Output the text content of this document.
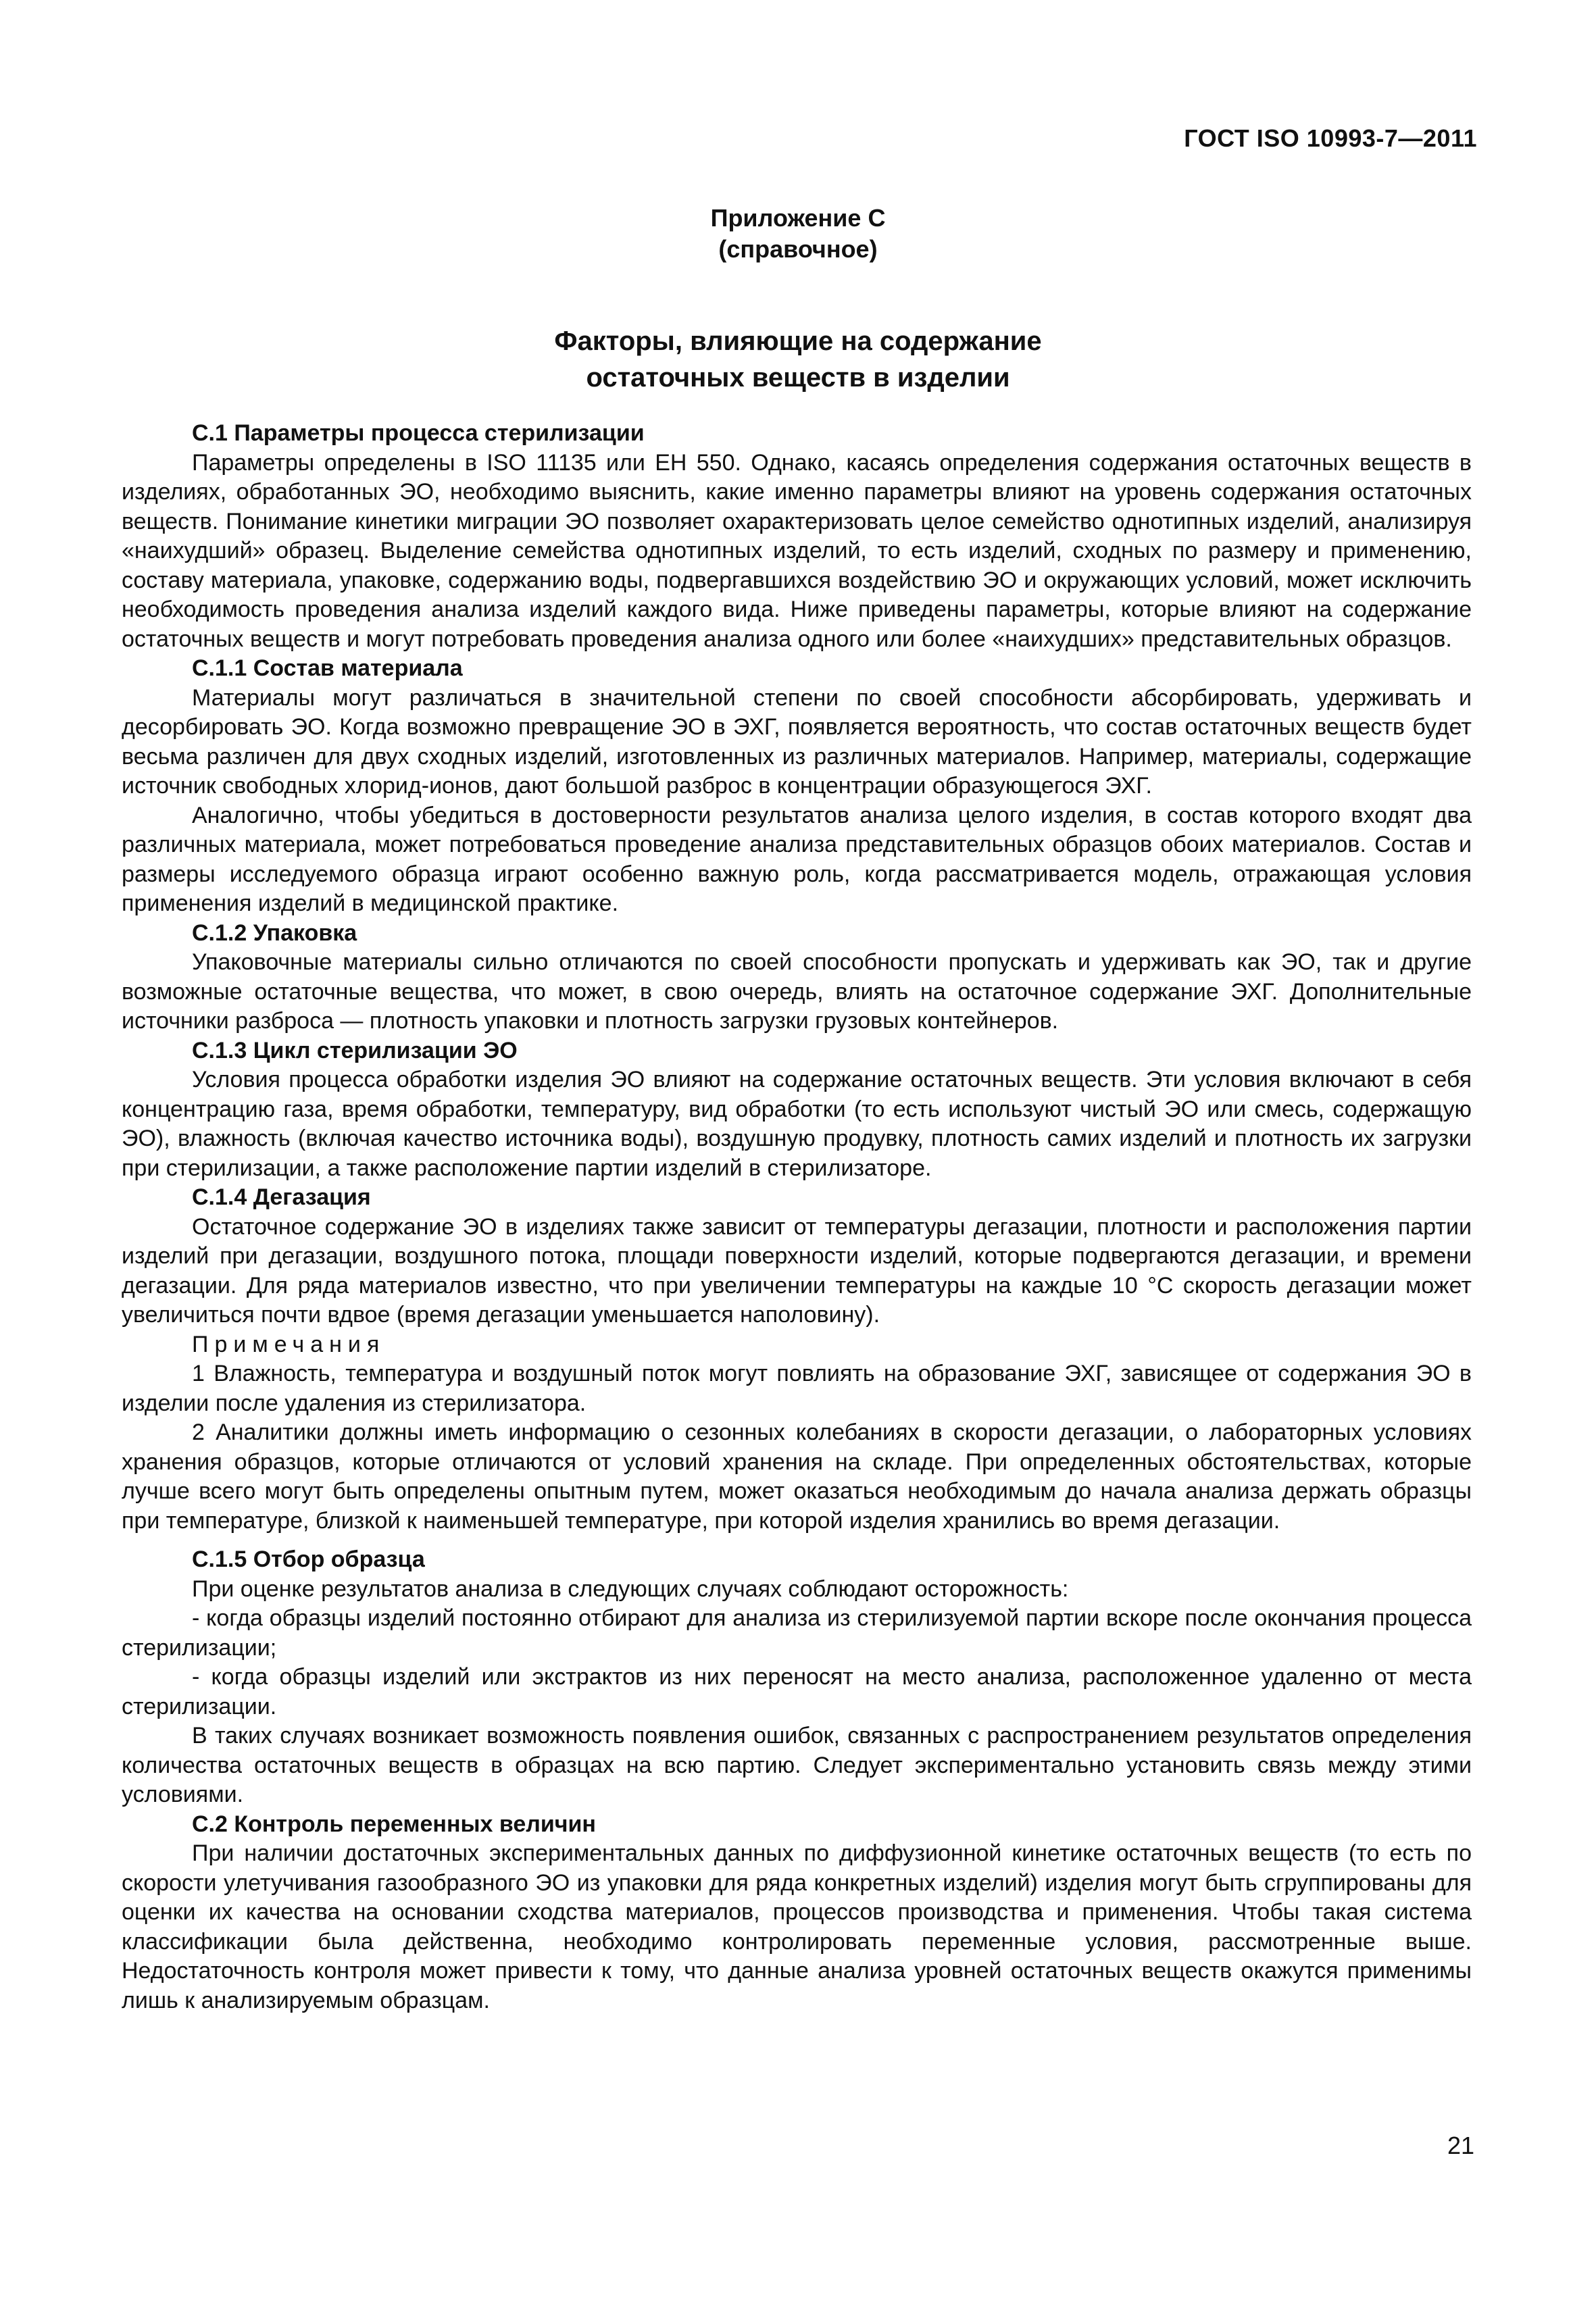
ГОСТ ISO 10993-7—2011
Приложение С
(справочное)
Факторы, влияющие на содержание
остаточных веществ в изделии
С.1 Параметры процесса стерилизации

Параметры определены в ISO 11135 или ЕН 550. Однако, касаясь определения содержания остаточных веществ в изделиях, обработанных ЭО, необходимо выяснить, какие именно параметры влияют на уровень содержания остаточных веществ. Понимание кинетики миграции ЭО позволяет охарактеризовать целое семейство однотипных изделий, анализируя «наихудший» образец. Выделение семейства однотипных изделий, то есть изделий, сходных по размеру и применению, составу материала, упаковке, содержанию воды, подвергавшихся воздействию ЭО и окружающих условий, может исключить необходимость проведения анализа изделий каждого вида. Ниже приведены параметры, которые влияют на содержание остаточных веществ и могут потребовать проведения анализа одного или более «наихудших» представительных образцов.

С.1.1 Состав материала

Материалы могут различаться в значительной степени по своей способности абсорбировать, удерживать и десорбировать ЭО. Когда возможно превращение ЭО в ЭХГ, появляется вероятность, что состав остаточных веществ будет весьма различен для двух сходных изделий, изготовленных из различных материалов. Например, материалы, содержащие источник свободных хлорид-ионов, дают большой разброс в концентрации образующегося ЭХГ.

Аналогично, чтобы убедиться в достоверности результатов анализа целого изделия, в состав которого входят два различных материала, может потребоваться проведение анализа представительных образцов обоих материалов. Состав и размеры исследуемого образца играют особенно важную роль, когда рассматривается модель, отражающая условия применения изделий в медицинской практике.

С.1.2 Упаковка

Упаковочные материалы сильно отличаются по своей способности пропускать и удерживать как ЭО, так и другие возможные остаточные вещества, что может, в свою очередь, влиять на остаточное содержание ЭХГ. Дополнительные источники разброса — плотность упаковки и плотность загрузки грузовых контейнеров.

С.1.3 Цикл стерилизации ЭО

Условия процесса обработки изделия ЭО влияют на содержание остаточных веществ. Эти условия включают в себя концентрацию газа, время обработки, температуру, вид обработки (то есть используют чистый ЭО или смесь, содержащую ЭО), влажность (включая качество источника воды), воздушную продувку, плотность самих изделий и плотность их загрузки при стерилизации, а также расположение партии изделий в стерилизаторе.

С.1.4 Дегазация

Остаточное содержание ЭО в изделиях также зависит от температуры дегазации, плотности и расположения партии изделий при дегазации, воздушного потока, площади поверхности изделий, которые подвергаются дегазации, и времени дегазации. Для ряда материалов известно, что при увеличении температуры на каждые 10 °С скорость дегазации может увеличиться почти вдвое (время дегазации уменьшается наполовину).

Примечания

1 Влажность, температура и воздушный поток могут повлиять на образование ЭХГ, зависящее от содержания ЭО в изделии после удаления из стерилизатора.

2 Аналитики должны иметь информацию о сезонных колебаниях в скорости дегазации, о лабораторных условиях хранения образцов, которые отличаются от условий хранения на складе. При определенных обстоятельствах, которые лучше всего могут быть определены опытным путем, может оказаться необходимым до начала анализа держать образцы при температуре, близкой к наименьшей температуре, при которой изделия хранились во время дегазации.

С.1.5 Отбор образца

При оценке результатов анализа в следующих случаях соблюдают осторожность:

- когда образцы изделий постоянно отбирают для анализа из стерилизуемой партии вскоре после окончания процесса стерилизации;

- когда образцы изделий или экстрактов из них переносят на место анализа, расположенное удаленно от места стерилизации.

В таких случаях возникает возможность появления ошибок, связанных с распространением результатов определения количества остаточных веществ в образцах на всю партию. Следует экспериментально установить связь между этими условиями.

С.2 Контроль переменных величин

При наличии достаточных экспериментальных данных по диффузионной кинетике остаточных веществ (то есть по скорости улетучивания газообразного ЭО из упаковки для ряда конкретных изделий) изделия могут быть сгруппированы для оценки их качества на основании сходства материалов, процессов производства и применения. Чтобы такая система классификации была действенна, необходимо контролировать переменные условия, рассмотренные выше. Недостаточность контроля может привести к тому, что данные анализа уровней остаточных веществ окажутся применимы лишь к анализируемым образцам.

21
